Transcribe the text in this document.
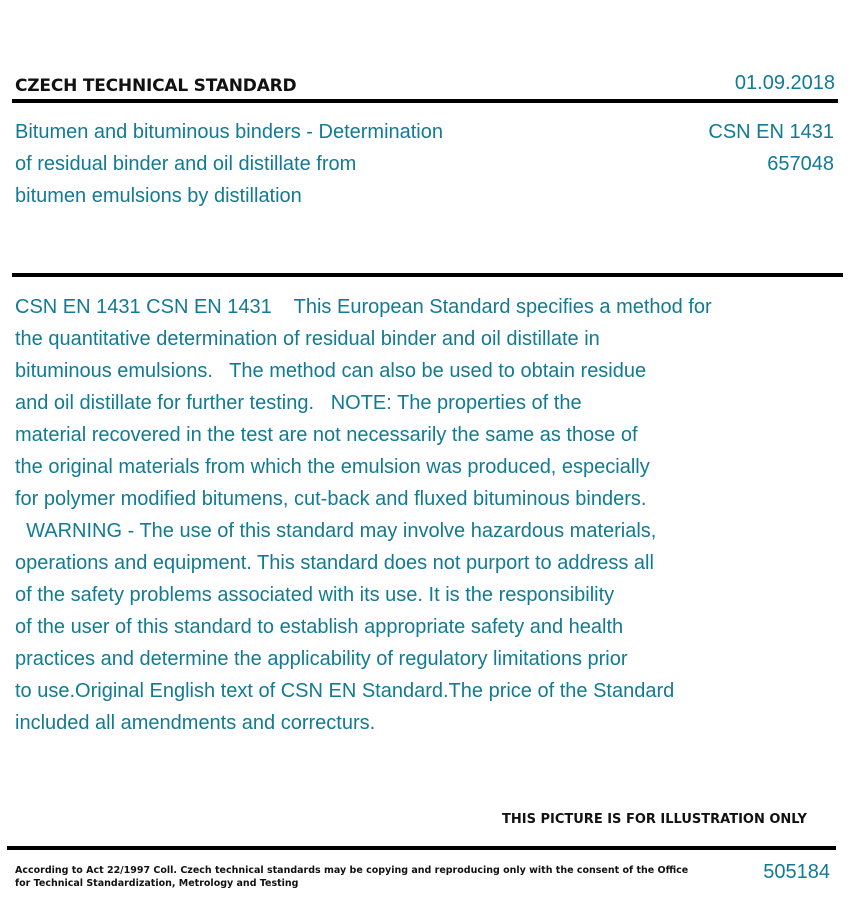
CZECH TECHNICAL STANDARD	01.09.2018
Bitumen and bituminous binders - Determination
of residual binder and oil distillate from
bitumen emulsions by distillation
CSN EN 1431
657048
CSN EN 1431 CSN EN 1431    This European Standard specifies a method for
the quantitative determination of residual binder and oil distillate in
bituminous emulsions.   The method can also be used to obtain residue
and oil distillate for further testing.   NOTE: The properties of the
material recovered in the test are not necessarily the same as those of
the original materials from which the emulsion was produced, especially
for polymer modified bitumens, cut-back and fluxed bituminous binders.
WARNING - The use of this standard may involve hazardous materials,
operations and equipment. This standard does not purport to address all
of the safety problems associated with its use. It is the responsibility
of the user of this standard to establish appropriate safety and health
practices and determine the applicability of regulatory limitations prior
to use.Original English text of CSN EN Standard.The price of the Standard
included all amendments and correcturs.
THIS PICTURE IS FOR ILLUSTRATION ONLY
According to Act 22/1997 Coll. Czech technical standards may be copying and reproducing only with the consent of the Office
for Technical Standardization, Metrology and Testing
505184
